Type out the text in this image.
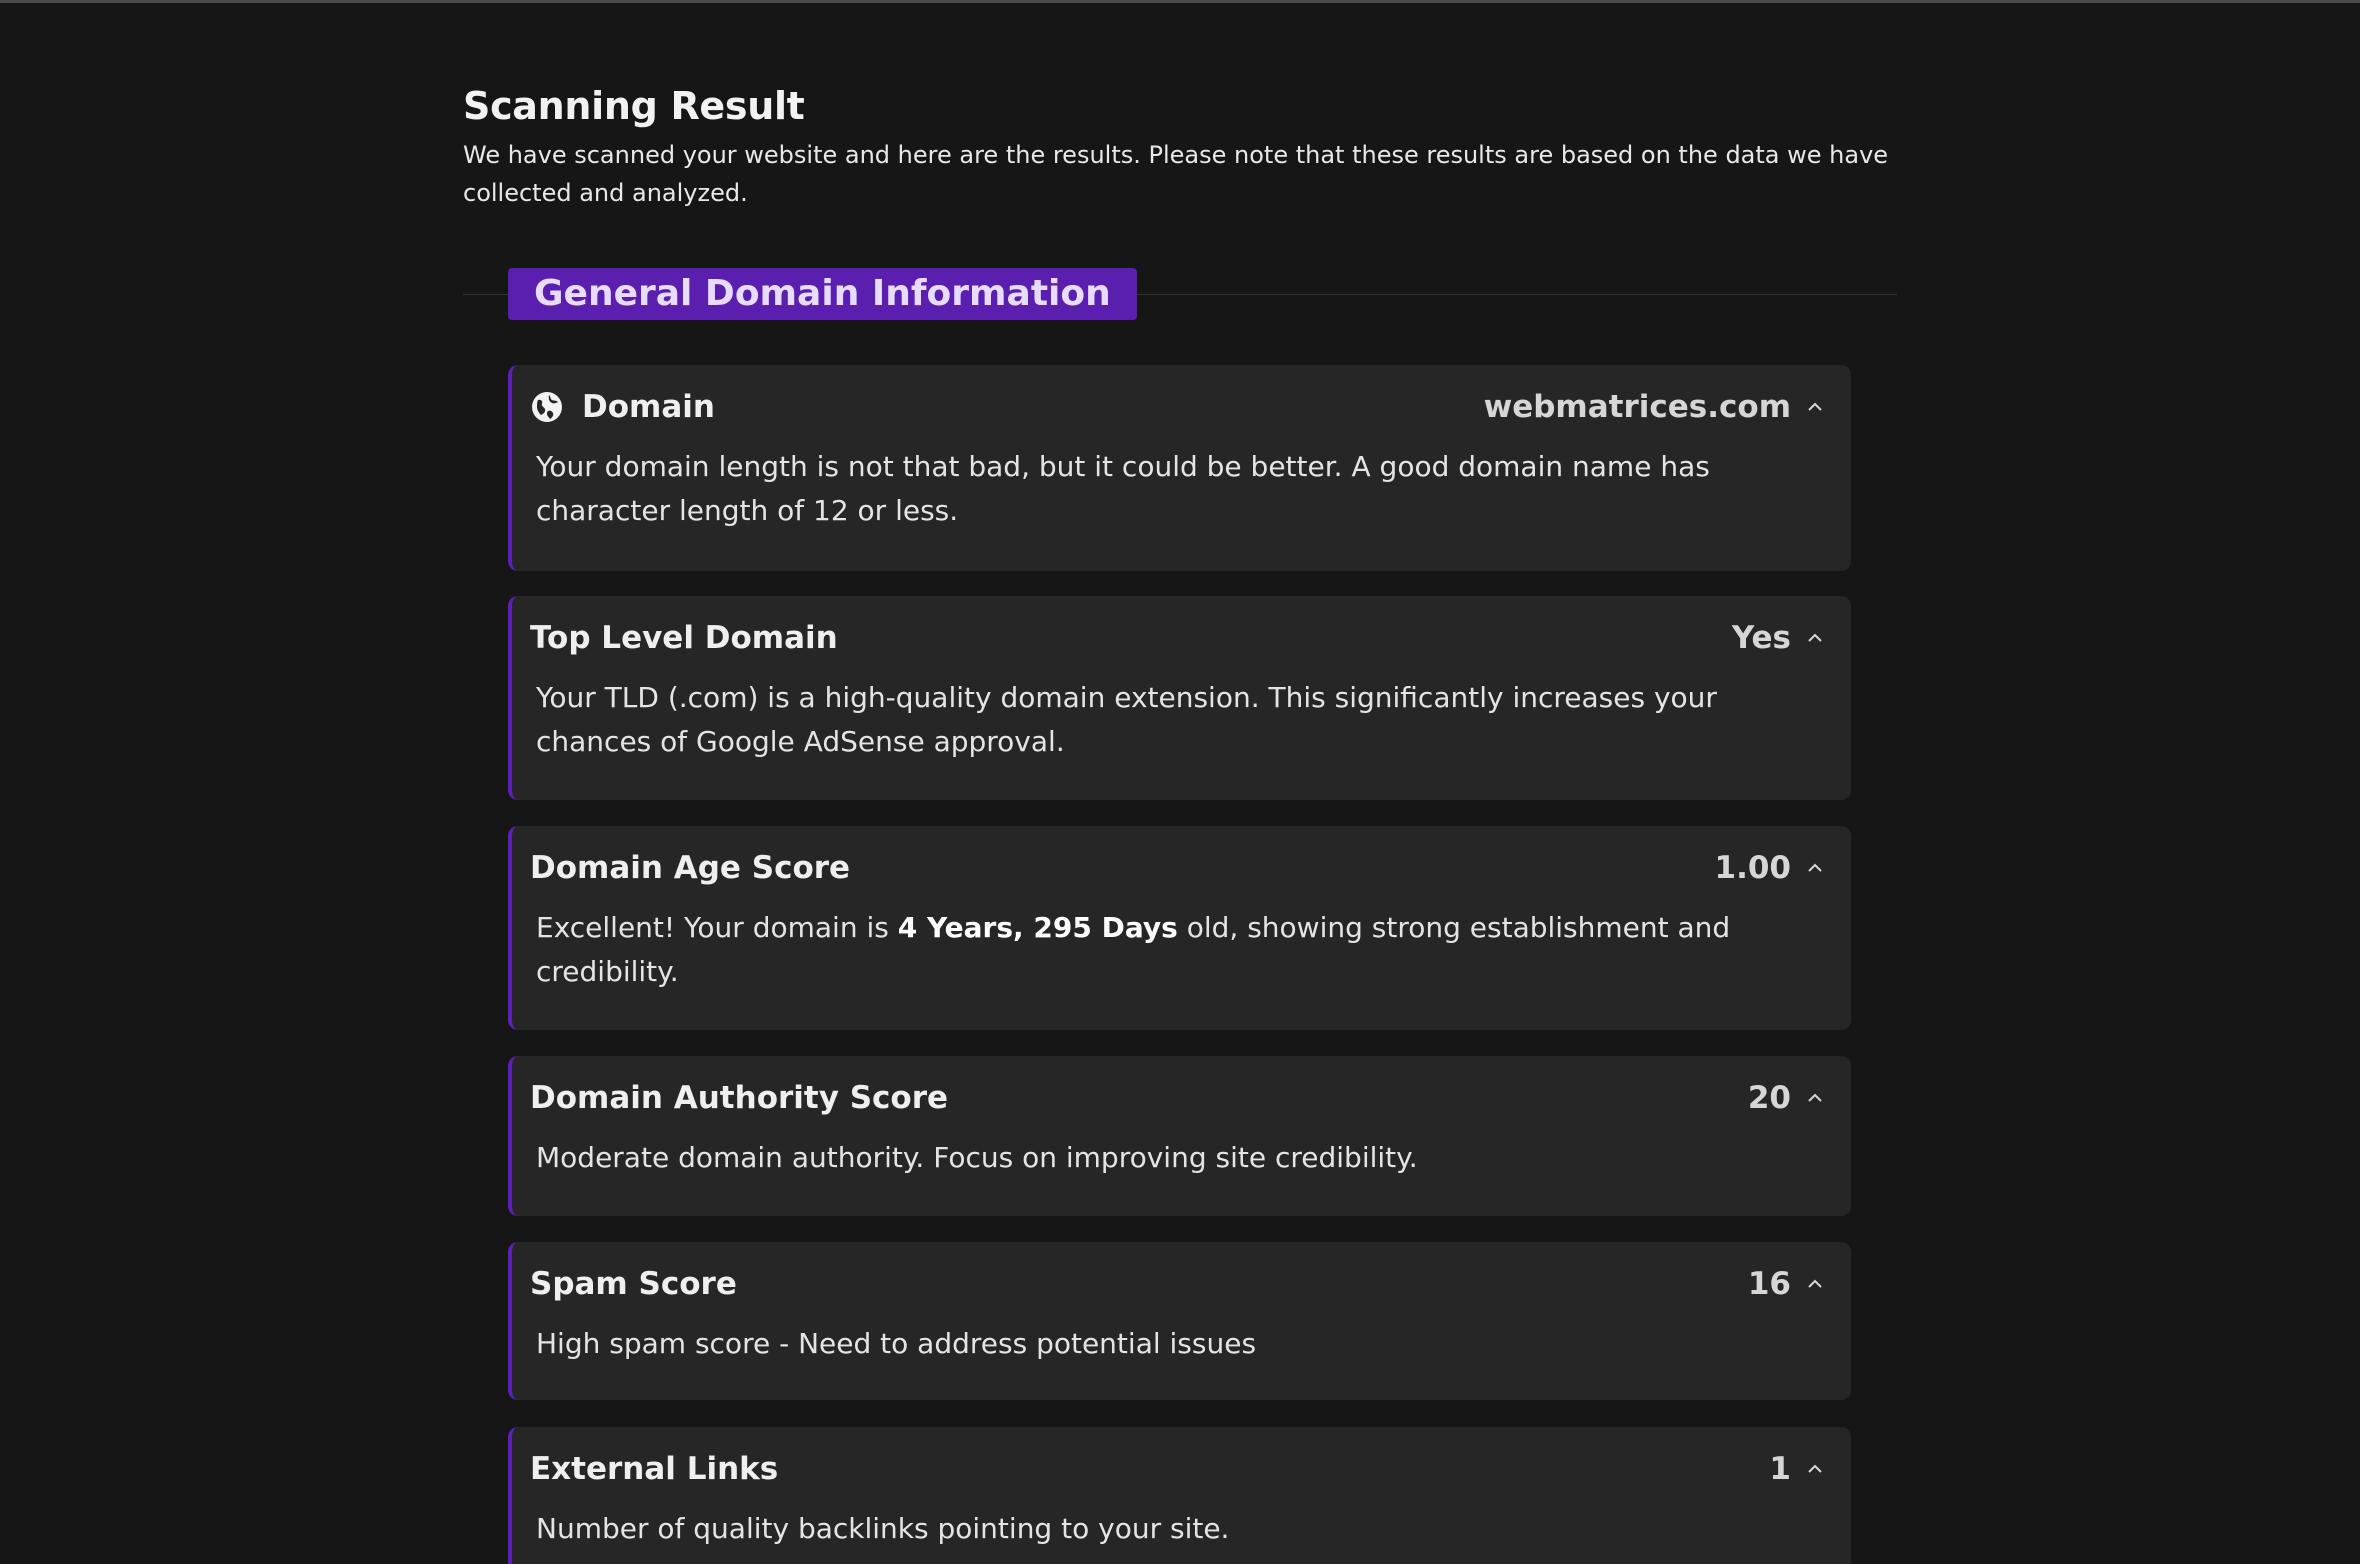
Scanning Result

We have scanned your website and here are the results. Please note that these results are based on the data we have collected and analyzed.

General Domain Information
Domain	webmatrices.com
Your domain length is not that bad, but it could be better. A good domain name has character length of 12 or less.
Top Level Domain	Yes
Your TLD (.com) is a high-quality domain extension. This significantly increases your chances of Google AdSense approval.
Domain Age Score	1.00
Excellent! Your domain is 4 Years, 295 Days old, showing strong establishment and credibility.
Domain Authority Score	20
Moderate domain authority. Focus on improving site credibility.
Spam Score	16
High spam score - Need to address potential issues
External Links	1
Number of quality backlinks pointing to your site.
